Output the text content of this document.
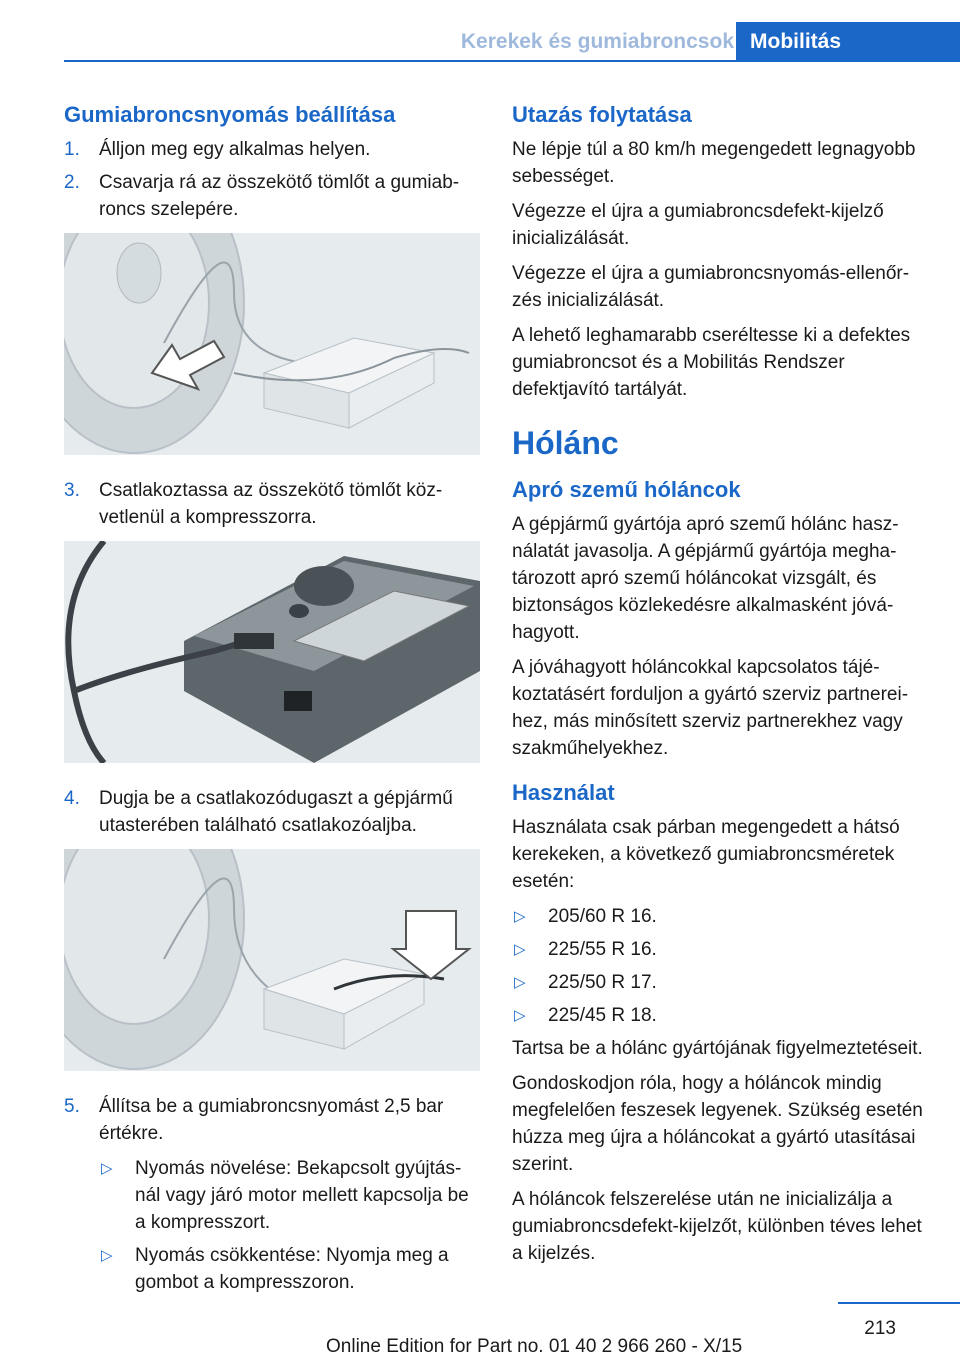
Kerekek és gumiabroncsok Mobilitás
Gumiabroncsnyomás beállítása
1.	Álljon meg egy alkalmas helyen.
2.	Csavarja rá az összekötő tömlőt a gumiabroncs szelepére.
3.	Csatlakoztassa az összekötő tömlőt közvetlenül a kompresszorra.
4.	Dugja be a csatlakozódugaszt a gépjármű utasterében található csatlakozóaljba.
5.	Állítsa be a gumiabroncsnyomást 2,5 bar értékre.
▷	Nyomás növelése: Bekapcsolt gyújtásnál vagy járó motor mellett kapcsolja be a kompresszort.
▷	Nyomás csökkentése: Nyomja meg a gombot a kompresszoron.
Utazás folytatása

Ne lépje túl a 80 km/h megengedett legnagyobb sebességet.

Végezze el újra a gumiabroncsdefekt-kijelző inicializálását.

Végezze el újra a gumiabroncsnyomás-ellenőrzés inicializálását.

A lehető leghamarabb cseréltesse ki a defektes gumiabroncsot és a Mobilitás Rendszer defektjavító tartályát.

Hólánc
Apró szemű hóláncok

A gépjármű gyártója apró szemű hólánc használatát javasolja. A gépjármű gyártója meghatározott apró szemű hóláncokat vizsgált, és biztonságos közlekedésre alkalmasként jóváhagyott.

A jóváhagyott hóláncokkal kapcsolatos tájékoztatásért forduljon a gyártó szerviz partnereihez, más minősített szerviz partnerekhez vagy szakműhelyekhez.

Használat

Használata csak párban megengedett a hátsó kerekeken, a következő gumiabroncsméretek esetén:

▷	205/60 R 16.
▷	225/55 R 16.
▷	225/50 R 17.
▷	225/45 R 18.

Tartsa be a hólánc gyártójának figyelmeztetéseit.

Gondoskodjon róla, hogy a hóláncok mindig megfelelően feszesek legyenek. Szükség esetén húzza meg újra a hóláncokat a gyártó utasításai szerint.

A hóláncok felszerelése után ne inicializálja a gumiabroncsdefekt-kijelzőt, különben téves lehet a kijelzés.

213
Online Edition for Part no. 01 40 2 966 260 - X/15
